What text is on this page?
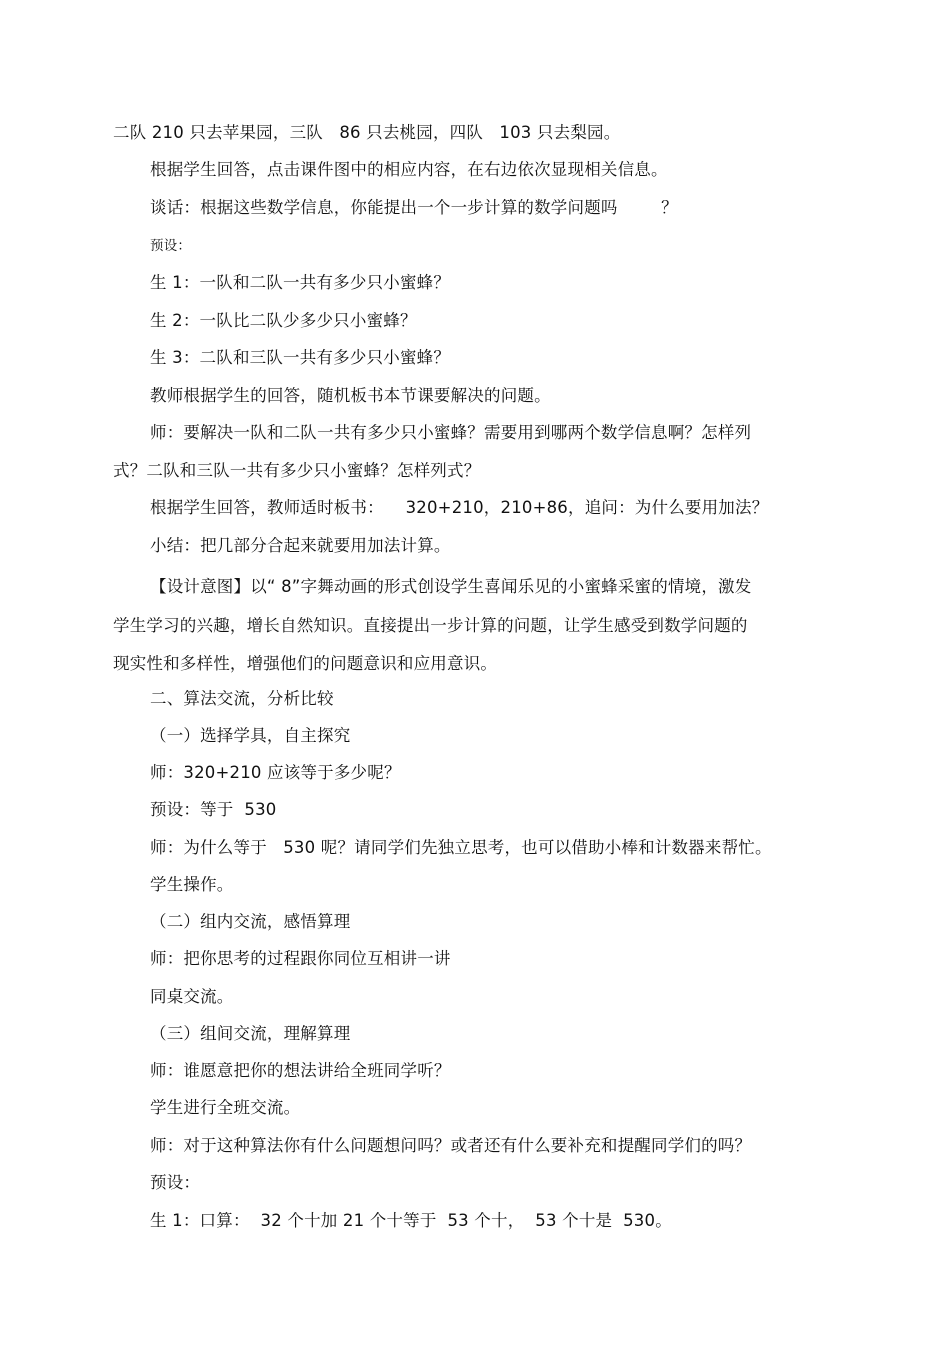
二队 210 只去苹果园，三队   86 只去桃园，四队   103 只去梨园。

根据学生回答，点击课件图中的相应内容，在右边依次显现相关信息。

谈话：根据这些数学信息，你能提出一个一步计算的数学问题吗        ？

预设：

生 1：一队和二队一共有多少只小蜜蜂？

生 2：一队比二队少多少只小蜜蜂？

生 3：二队和三队一共有多少只小蜜蜂？

教师根据学生的回答，随机板书本节课要解决的问题。

师：要解决一队和二队一共有多少只小蜜蜂？需要用到哪两个数学信息啊？怎样列

式？二队和三队一共有多少只小蜜蜂？怎样列式？

根据学生回答，教师适时板书：    320+210，210+86，追问：为什么要用加法？

小结：把几部分合起来就要用加法计算。

【设计意图】以“ 8”字舞动画的形式创设学生喜闻乐见的小蜜蜂采蜜的情境，激发

学生学习的兴趣，增长自然知识。直接提出一步计算的问题，让学生感受到数学问题的

现实性和多样性，增强他们的问题意识和应用意识。

二、算法交流，分析比较

（一）选择学具，自主探究

师：320+210 应该等于多少呢？

预设：等于  530

师：为什么等于   530 呢？请同学们先独立思考，也可以借助小棒和计数器来帮忙。

学生操作。

（二）组内交流，感悟算理

师：把你思考的过程跟你同位互相讲一讲

同桌交流。

（三）组间交流，理解算理

师：谁愿意把你的想法讲给全班同学听？

学生进行全班交流。

师：对于这种算法你有什么问题想问吗？或者还有什么要补充和提醒同学们的吗？

预设：

生 1：口算：  32 个十加 21 个十等于  53 个十，  53 个十是  530。
